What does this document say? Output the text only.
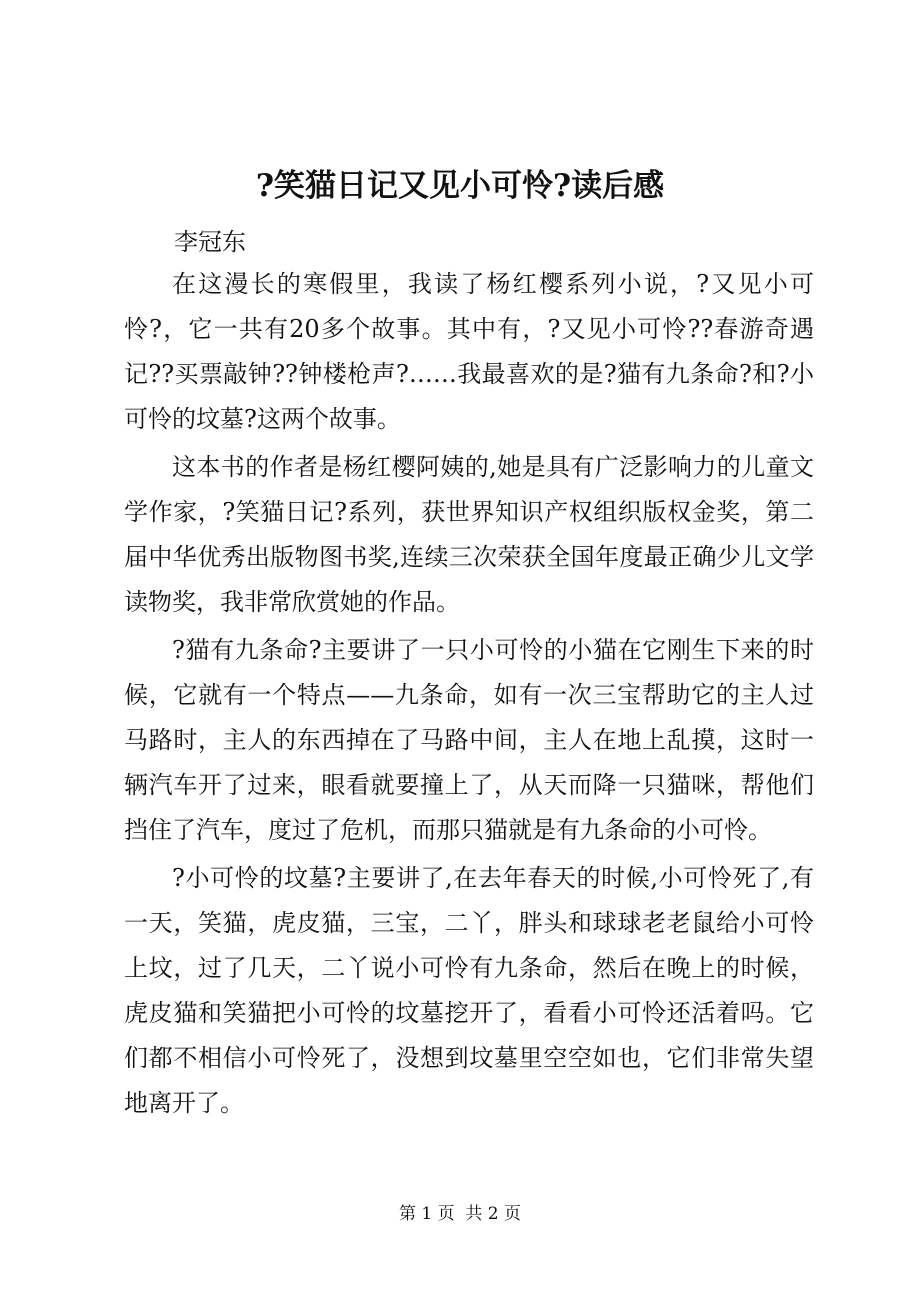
?笑猫日记又见小可怜?读后感
李冠东

在这漫长的寒假里，我读了杨红樱系列小说，?又见小可怜?，它一共有20多个故事。其中有，?又见小可怜??春游奇遇记??买票敲钟??钟楼枪声?……我最喜欢的是?猫有九条命?和?小可怜的坟墓?这两个故事。

这本书的作者是杨红樱阿姨的,她是具有广泛影响力的儿童文学作家，?笑猫日记?系列，获世界知识产权组织版权金奖，第二届中华优秀出版物图书奖,连续三次荣获全国年度最正确少儿文学读物奖，我非常欣赏她的作品。

?猫有九条命?主要讲了一只小可怜的小猫在它刚生下来的时候，它就有一个特点——九条命，如有一次三宝帮助它的主人过马路时，主人的东西掉在了马路中间，主人在地上乱摸，这时一辆汽车开了过来，眼看就要撞上了，从天而降一只猫咪，帮他们挡住了汽车，度过了危机，而那只猫就是有九条命的小可怜。

?小可怜的坟墓?主要讲了,在去年春天的时候,小可怜死了,有一天，笑猫，虎皮猫，三宝，二丫，胖头和球球老老鼠给小可怜上坟，过了几天，二丫说小可怜有九条命，然后在晚上的时候，虎皮猫和笑猫把小可怜的坟墓挖开了，看看小可怜还活着吗。它们都不相信小可怜死了，没想到坟墓里空空如也，它们非常失望地离开了。

第 1 页  共 2 页
